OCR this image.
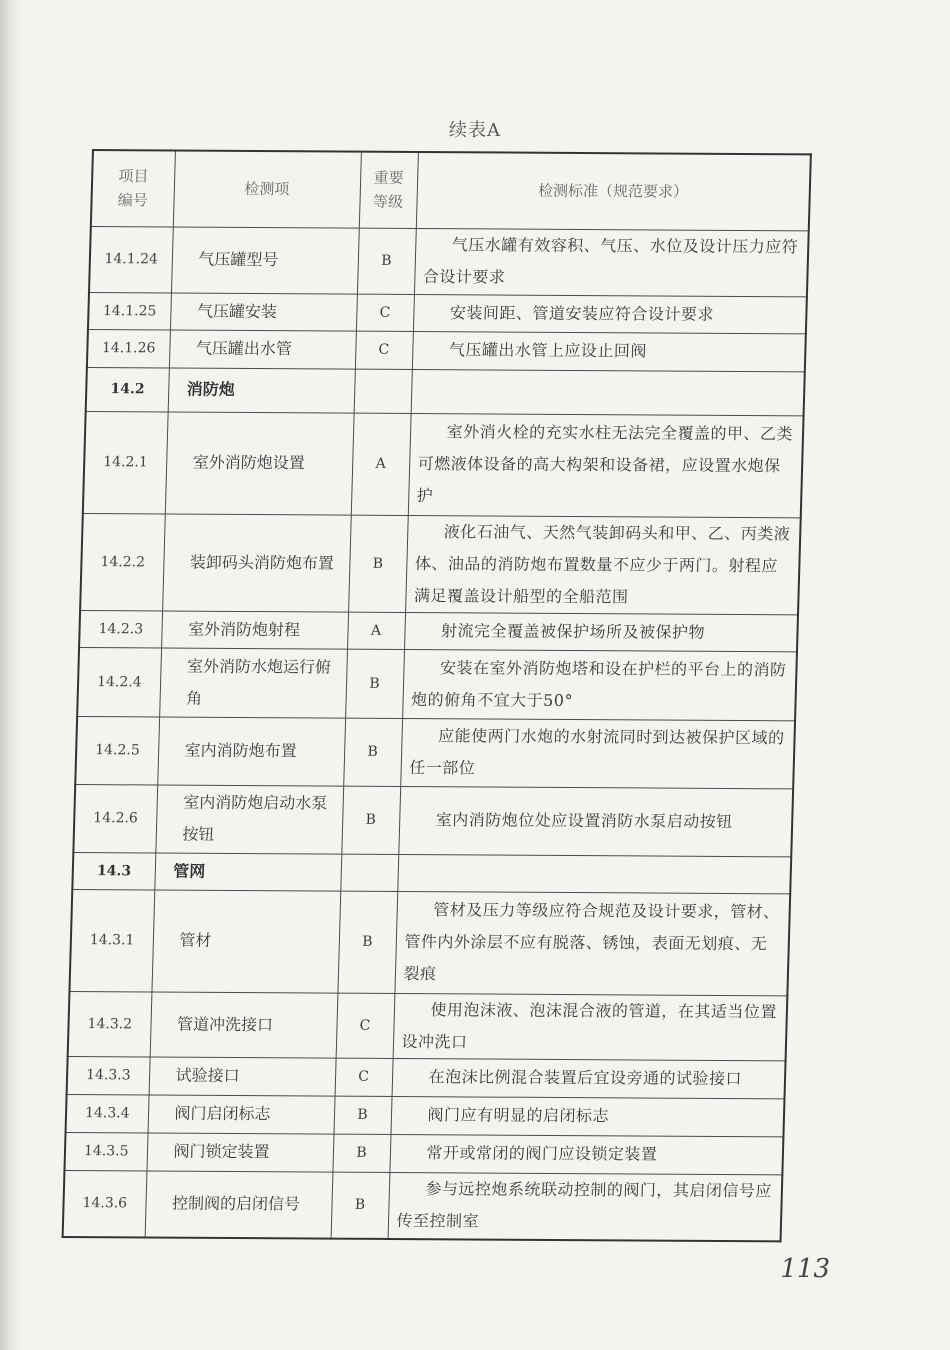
续表A
项目编号	检测项	重要等级	检测标准（规范要求）
14.1.24	气压罐型号	B	气压水罐有效容积、气压、水位及设计压力应符合设计要求
14.1.25	气压罐安装	C	安装间距、管道安装应符合设计要求
14.1.26	气压罐出水管	C	气压罐出水管上应设止回阀
14.2	消防炮		
14.2.1	室外消防炮设置	A	室外消火栓的充实水柱无法完全覆盖的甲、乙类可燃液体设备的高大构架和设备裙，应设置水炮保护
14.2.2	装卸码头消防炮布置	B	液化石油气、天然气装卸码头和甲、乙、丙类液体、油品的消防炮布置数量不应少于两门。射程应满足覆盖设计船型的全船范围
14.2.3	室外消防炮射程	A	射流完全覆盖被保护场所及被保护物
14.2.4	室外消防水炮运行俯角	B	安装在室外消防炮塔和设在护栏的平台上的消防炮的俯角不宜大于50°
14.2.5	室内消防炮布置	B	应能使两门水炮的水射流同时到达被保护区域的任一部位
14.2.6	室内消防炮启动水泵按钮	B	室内消防炮位处应设置消防水泵启动按钮
14.3	管网		
14.3.1	管材	B	管材及压力等级应符合规范及设计要求，管材、管件内外涂层不应有脱落、锈蚀，表面无划痕、无裂痕
14.3.2	管道冲洗接口	C	使用泡沫液、泡沫混合液的管道，在其适当位置设冲洗口
14.3.3	试验接口	C	在泡沫比例混合装置后宜设旁通的试验接口
14.3.4	阀门启闭标志	B	阀门应有明显的启闭标志
14.3.5	阀门锁定装置	B	常开或常闭的阀门应设锁定装置
14.3.6	控制阀的启闭信号	B	参与远控炮系统联动控制的阀门，其启闭信号应传至控制室
113
